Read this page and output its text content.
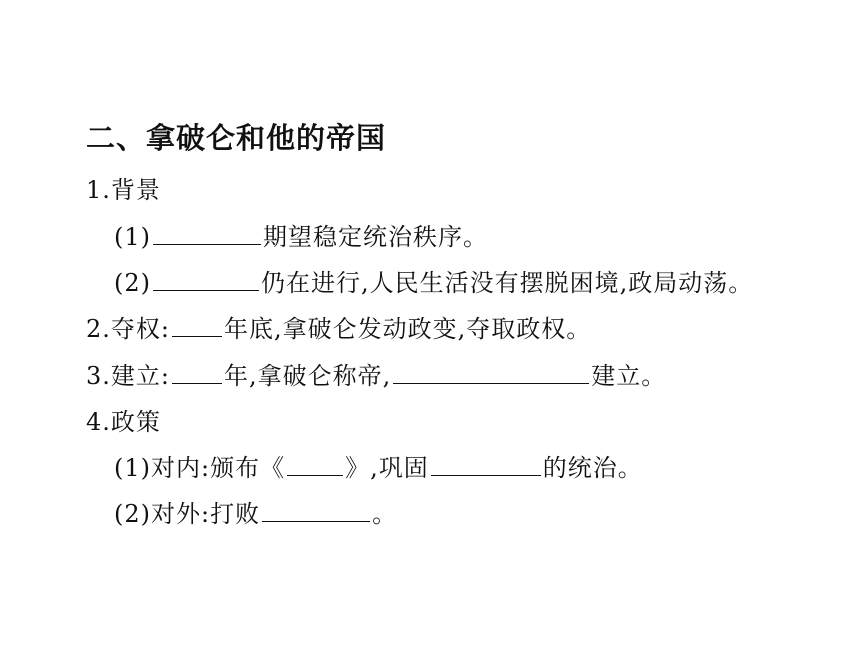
二、拿破仑和他的帝国
1.背景
(1)	期望稳定统治秩序。
(2)	仍在进行,人民生活没有摆脱困境,政局动荡。
2.夺权: 年底,拿破仑发动政变,夺取政权。
3.建立: 年,拿破仑称帝,	建立。
4.政策
(1)对内:颁布《	》,巩固	的统治。
(2)对外:打败	。
